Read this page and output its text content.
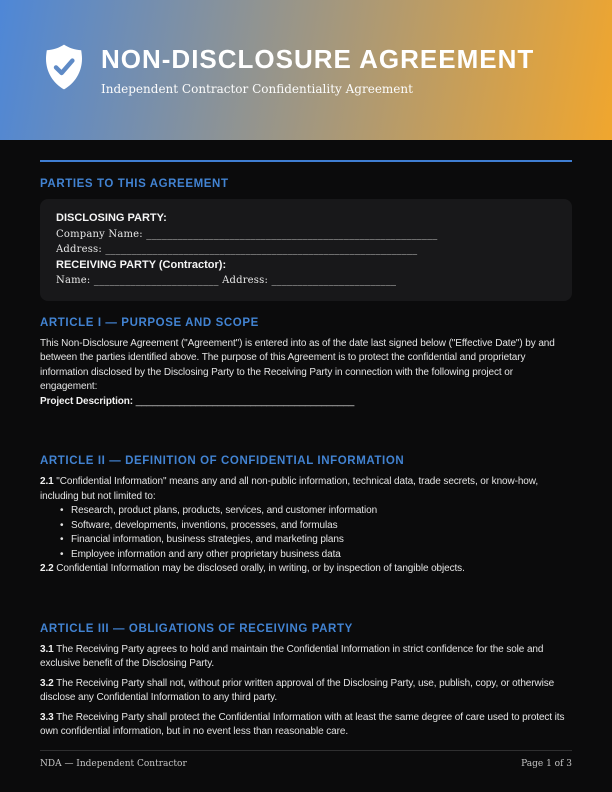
NON-DISCLOSURE AGREEMENT

Independent Contractor Confidentiality Agreement

PARTIES TO THIS AGREEMENT
DISCLOSING PARTY:
Company Name: ________________________________________________________
Address: ____________________________________________________________
RECEIVING PARTY (Contractor):
Name: ________________________ Address: ________________________
ARTICLE I — PURPOSE AND SCOPE
This Non-Disclosure Agreement ("Agreement") is entered into as of the date last signed below ("Effective Date") by and between the parties identified above. The purpose of this Agreement is to protect the confidential and proprietary information disclosed by the Disclosing Party to the Receiving Party in connection with the following project or engagement:
Project Description: ________________________________________
ARTICLE II — DEFINITION OF CONFIDENTIAL INFORMATION
2.1 "Confidential Information" means any and all non-public information, technical data, trade secrets, or know-how, including but not limited to:
• Research, product plans, products, services, and customer information
• Software, developments, inventions, processes, and formulas
• Financial information, business strategies, and marketing plans
• Employee information and any other proprietary business data
2.2 Confidential Information may be disclosed orally, in writing, or by inspection of tangible objects.
ARTICLE III — OBLIGATIONS OF RECEIVING PARTY
3.1 The Receiving Party agrees to hold and maintain the Confidential Information in strict confidence for the sole and exclusive benefit of the Disclosing Party.
3.2 The Receiving Party shall not, without prior written approval of the Disclosing Party, use, publish, copy, or otherwise disclose any Confidential Information to any third party.
3.3 The Receiving Party shall protect the Confidential Information with at least the same degree of care used to protect its own confidential information, but in no event less than reasonable care.
NDA — Independent Contractor	Page 1 of 3
